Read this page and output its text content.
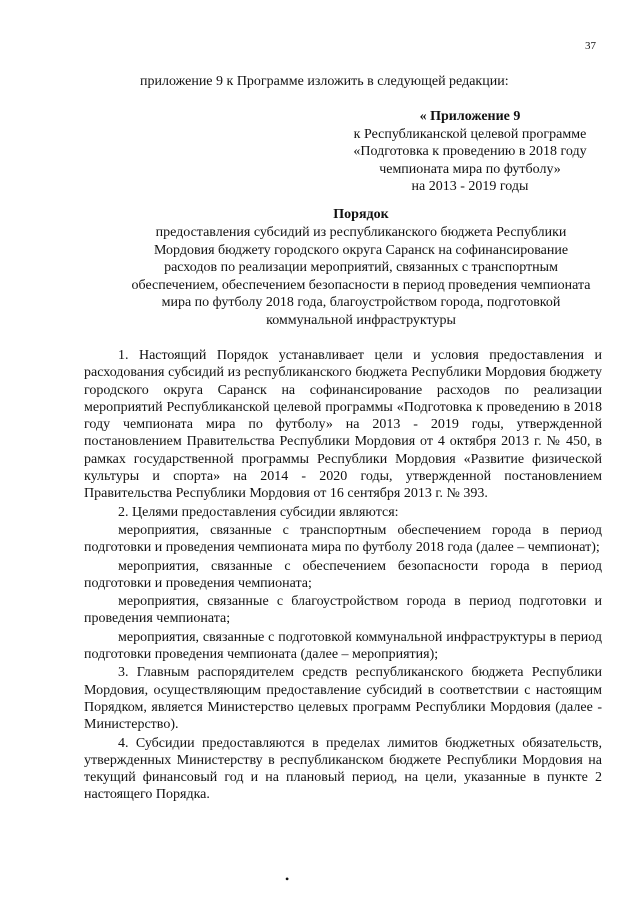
37
приложение 9 к Программе изложить в следующей редакции:
« Приложение 9
к Республиканской целевой программе
«Подготовка к проведению в 2018 году
чемпионата мира по футболу»
на 2013 - 2019 годы
Порядок
предоставления субсидий из республиканского бюджета Республики
Мордовия бюджету городского округа Саранск на софинансирование
расходов по реализации мероприятий, связанных с транспортным
обеспечением, обеспечением безопасности в период проведения чемпионата
мира по футболу 2018 года, благоустройством города, подготовкой
коммунальной инфраструктуры

1. Настоящий Порядок устанавливает цели и условия предоставления и расходования субсидий из республиканского бюджета Республики Мордовия бюджету городского округа Саранск на софинансирование расходов по реализации мероприятий Республиканской целевой программы «Подготовка к проведению в 2018 году чемпионата мира по футболу» на 2013 - 2019 годы, утвержденной постановлением Правительства Республики Мордовия от 4 октября 2013 г. № 450, в рамках государственной программы Республики Мордовия «Развитие физической культуры и спорта» на 2014 - 2020 годы, утвержденной постановлением Правительства Республики Мордовия от 16 сентября 2013 г. № 393.

2. Целями предоставления субсидии являются:

мероприятия, связанные с транспортным обеспечением города в период подготовки и проведения чемпионата мира по футболу 2018 года (далее – чемпионат);

мероприятия, связанные с обеспечением безопасности города в период подготовки и проведения чемпионата;

мероприятия, связанные с благоустройством города в период подготовки и проведения чемпионата;

мероприятия, связанные с подготовкой коммунальной инфраструктуры в период подготовки проведения чемпионата (далее – мероприятия);

3. Главным распорядителем средств республиканского бюджета Республики Мордовия, осуществляющим предоставление субсидий в соответствии с настоящим Порядком, является Министерство целевых программ Республики Мордовия (далее - Министерство).

4. Субсидии предоставляются в пределах лимитов бюджетных обязательств, утвержденных Министерству в республиканском бюджете Республики Мордовия на текущий финансовый год и на плановый период, на цели, указанные в пункте 2 настоящего Порядка.

•
